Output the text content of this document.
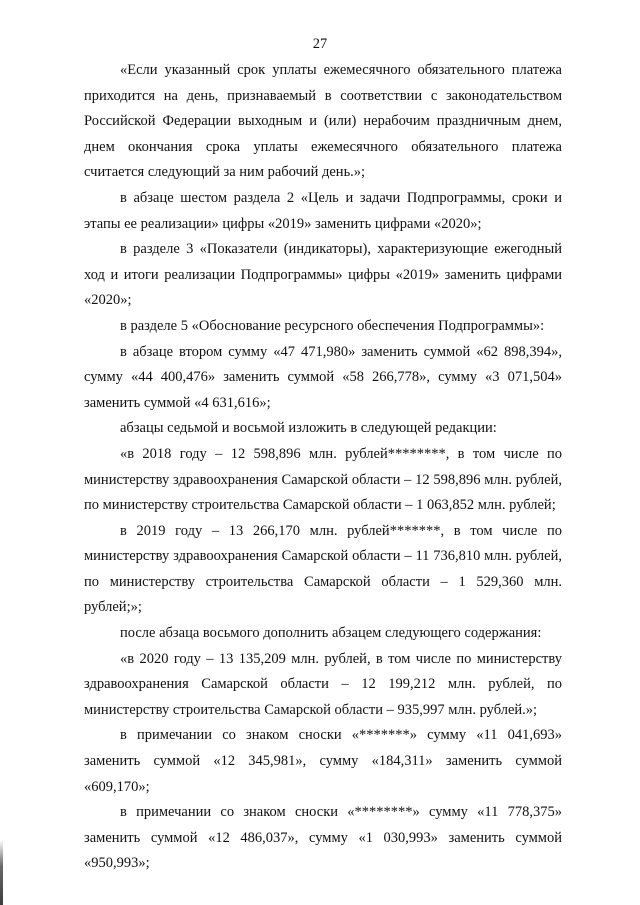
27

«Если указанный срок уплаты ежемесячного обязательного платежа приходится на день, признаваемый в соответствии с законодательством Российской Федерации выходным и (или) нерабочим праздничным днем, днем окончания срока уплаты ежемесячного обязательного платежа считается следующий за ним рабочий день.»;

в абзаце шестом раздела 2 «Цель и задачи Подпрограммы, сроки и этапы ее реализации» цифры «2019» заменить цифрами «2020»;

в разделе 3 «Показатели (индикаторы), характеризующие ежегодный ход и итоги реализации Подпрограммы» цифры «2019» заменить цифрами «2020»;

в разделе 5 «Обоснование ресурсного обеспечения Подпрограммы»:

в абзаце втором сумму «47 471,980» заменить суммой «62 898,394», сумму «44 400,476» заменить суммой «58 266,778», сумму «3 071,504» заменить суммой «4 631,616»;

абзацы седьмой и восьмой изложить в следующей редакции:

«в 2018 году – 12 598,896 млн. рублей********, в том числе по министерству здравоохранения Самарской области – 12 598,896 млн. рублей, по министерству строительства Самарской области – 1 063,852 млн. рублей;

в 2019 году – 13 266,170 млн. рублей*******, в том числе по министерству здравоохранения Самарской области – 11 736,810 млн. рублей, по министерству строительства Самарской области – 1 529,360 млн. рублей;»;

после абзаца восьмого дополнить абзацем следующего содержания:

«в 2020 году – 13 135,209 млн. рублей, в том числе по министерству здравоохранения Самарской области – 12 199,212 млн. рублей, по министерству строительства Самарской области – 935,997 млн. рублей.»;

в примечании со знаком сноски «*******» сумму «11 041,693» заменить суммой «12 345,981», сумму «184,311» заменить суммой «609,170»;

в примечании со знаком сноски «********» сумму «11 778,375» заменить суммой «12 486,037», сумму «1 030,993» заменить суммой «950,993»;
